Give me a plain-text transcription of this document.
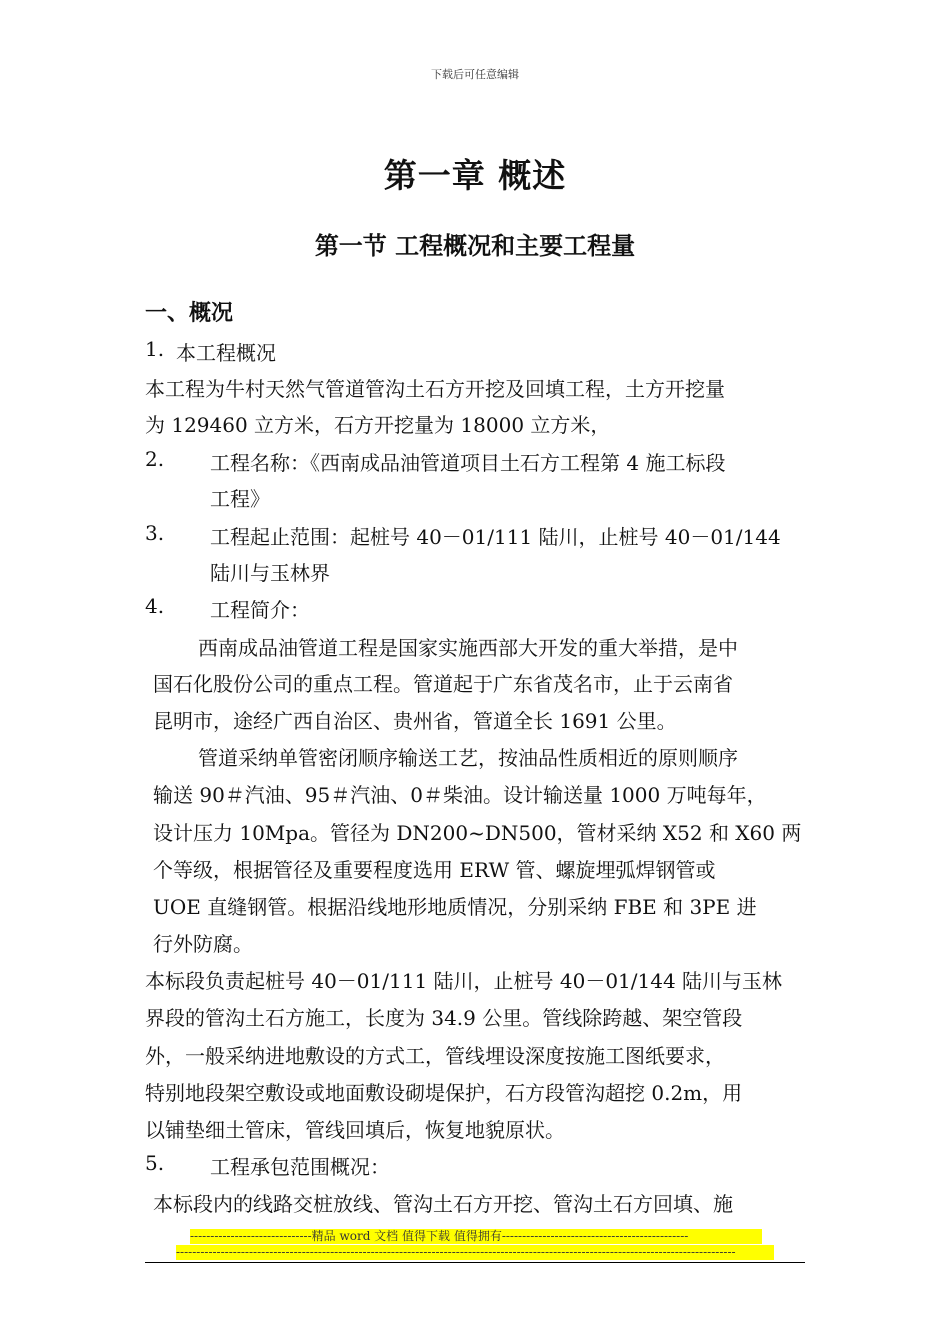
下载后可任意编辑
第一章 概述
第一节 工程概况和主要工程量
一、概况
1. 本工程概况
本工程为牛村天然气管道管沟土石方开挖及回填工程，土方开挖量
为 129460 立方米，石方开挖量为 18000 立方米，
2. 工程名称：《西南成品油管道项目土石方工程第 4 施工标段
工程》
3. 工程起止范围：起桩号 40－01/111 陆川，止桩号 40－01/144
陆川与玉林界
4. 工程简介：
西南成品油管道工程是国家实施西部大开发的重大举措，是中
国石化股份公司的重点工程。管道起于广东省茂名市，止于云南省
昆明市，途经广西自治区、贵州省，管道全长 1691 公里。
管道采纳单管密闭顺序输送工艺，按油品性质相近的原则顺序
输送 90＃汽油、95＃汽油、0＃柴油。设计输送量 1000 万吨每年，
设计压力 10Mpa。管径为 DN200~DN500，管材采纳 X52 和 X60 两
个等级，根据管径及重要程度选用 ERW 管、螺旋埋弧焊钢管或
UOE 直缝钢管。根据沿线地形地质情况，分别采纳 FBE 和 3PE 进
行外防腐。
本标段负责起桩号 40－01/111 陆川，止桩号 40－01/144 陆川与玉林
界段的管沟土石方施工，长度为 34.9 公里。管线除跨越、架空管段
外，一般采纳进地敷设的方式工，管线埋设深度按施工图纸要求，
特别地段架空敷设或地面敷设砌堤保护，石方段管沟超挖 0.2m，用
以铺垫细土管床，管线回填后，恢复地貌原状。
5. 工程承包范围概况：
本标段内的线路交桩放线、管沟土石方开挖、管沟土石方回填、施
------------------------------精品 word 文档 值得下载 值得拥有----------------------------------------------
------------------------------------------------------------------------------------------------------------------------------------------
